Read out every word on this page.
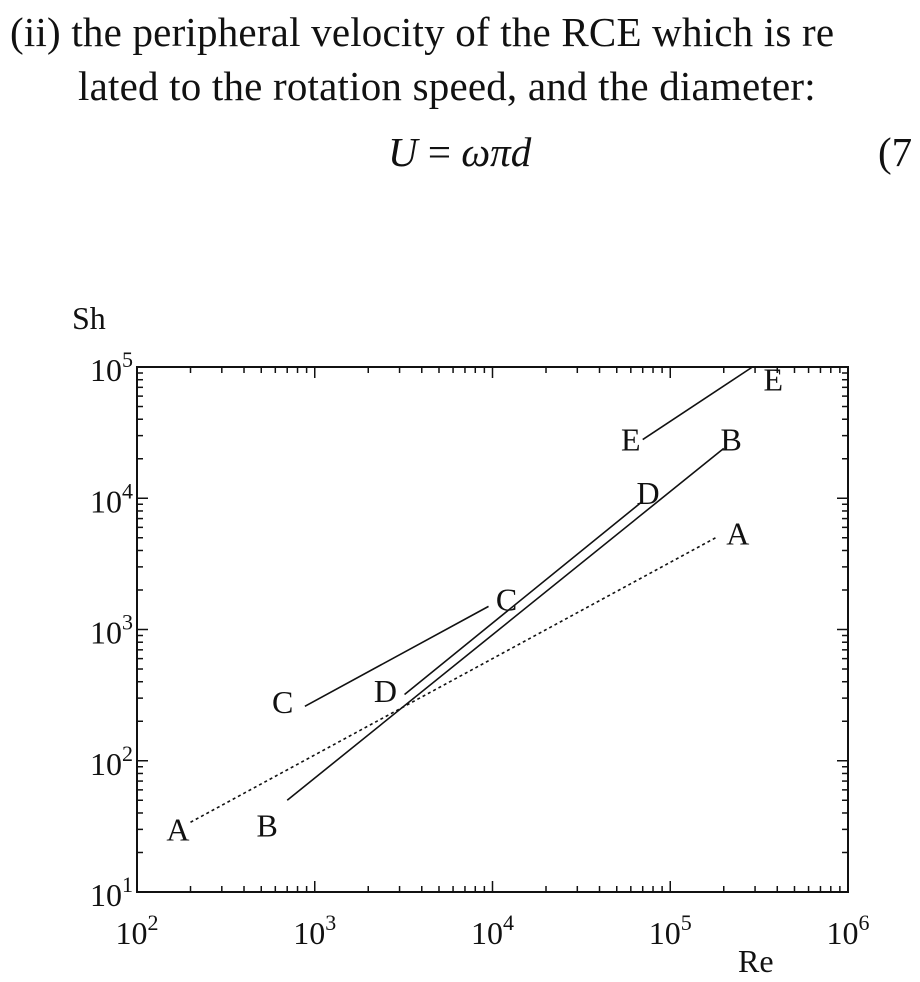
(ii) the peripheral velocity of the RCE which is re
lated to the rotation speed, and the diameter:
U = ωπd	(7
$10^2$	$10^3$	$10^4$	$10^5$	$10^6$
$10^1$
$10^2$
$10^3$
$10^4$
$10^5$
A
A
B
B
C
C
D
D
E
E
Re
Sh
